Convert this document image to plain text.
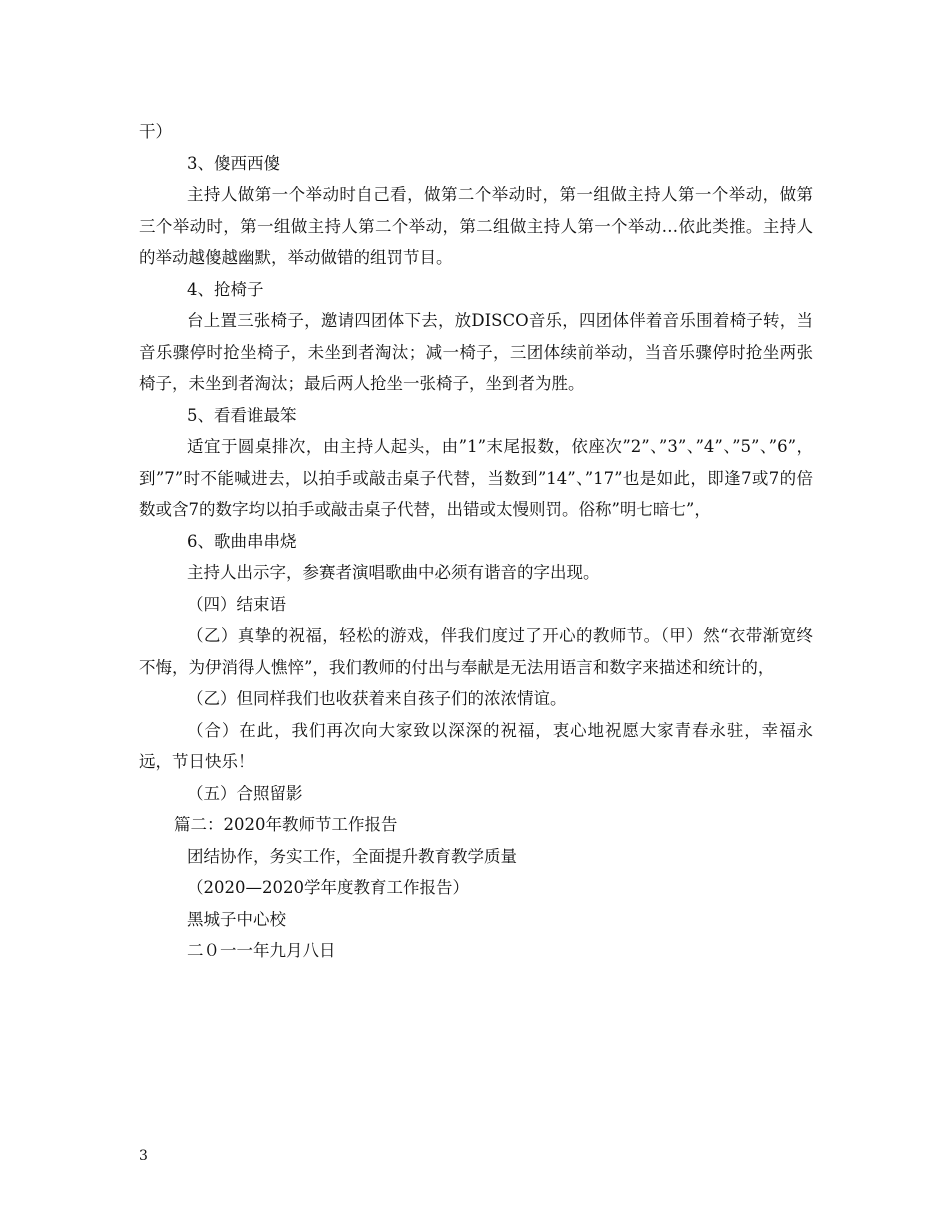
干）

3、傻西西傻

主持人做第一个举动时自己看，做第二个举动时，第一组做主持人第一个举动，做第三个举动时，第一组做主持人第二个举动，第二组做主持人第一个举动…依此类推。主持人的举动越傻越幽默，举动做错的组罚节目。

4、抢椅子

台上置三张椅子，邀请四团体下去，放DISCO音乐，四团体伴着音乐围着椅子转，当音乐骤停时抢坐椅子，未坐到者淘汰；减一椅子，三团体续前举动，当音乐骤停时抢坐两张椅子，未坐到者淘汰；最后两人抢坐一张椅子，坐到者为胜。

5、看看谁最笨

适宜于圆桌排次，由主持人起头，由”1”末尾报数，依座次”2”、”3”、”4”、”5”、”6”，到”7”时不能喊进去，以拍手或敲击桌子代替，当数到”14”、”17”也是如此，即逢7或7的倍数或含7的数字均以拍手或敲击桌子代替，出错或太慢则罚。俗称”明七暗七”，

6、歌曲串串烧

主持人出示字，参赛者演唱歌曲中必须有谐音的字出现。

（四）结束语

（乙）真挚的祝福，轻松的游戏，伴我们度过了开心的教师节。（甲）然“衣带渐宽终不悔，为伊消得人憔悴”，我们教师的付出与奉献是无法用语言和数字来描述和统计的，

（乙）但同样我们也收获着来自孩子们的浓浓情谊。

（合）在此，我们再次向大家致以深深的祝福，衷心地祝愿大家青春永驻，幸福永远，节日快乐！

（五）合照留影

篇二：2020年教师节工作报告

团结协作，务实工作，全面提升教育教学质量

（2020—2020学年度教育工作报告）

黑城子中心校

二０一一年九月八日

3
